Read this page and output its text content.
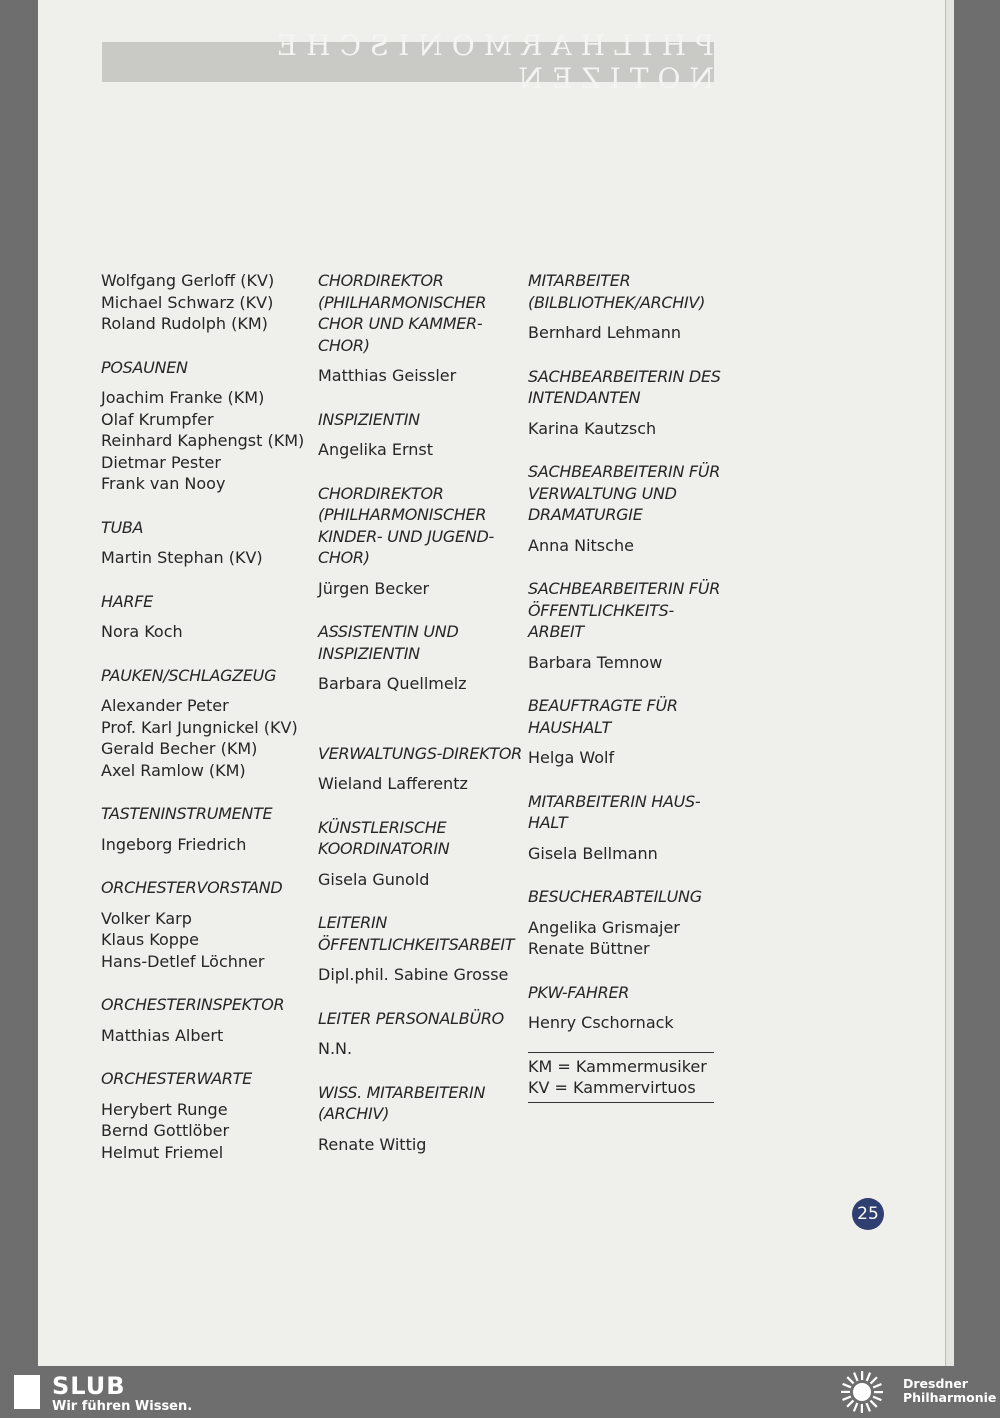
PHILHARMONISCHE NOTIZEN
Wolfgang Gerloff (KV)
Michael Schwarz (KV)
Roland Rudolph (KM)
POSAUNEN
Joachim Franke (KM)
Olaf Krumpfer
Reinhard Kaphengst (KM)
Dietmar Pester
Frank van Nooy
TUBA
Martin Stephan (KV)
HARFE
Nora Koch
PAUKEN/SCHLAGZEUG
Alexander Peter
Prof. Karl Jungnickel (KV)
Gerald Becher (KM)
Axel Ramlow (KM)
TASTENINSTRUMENTE
Ingeborg Friedrich
ORCHESTERVORSTAND
Volker Karp
Klaus Koppe
Hans-Detlef Löchner
ORCHESTERINSPEKTOR
Matthias Albert
ORCHESTERWARTE
Herybert Runge
Bernd Gottlöber
Helmut Friemel
CHORDIREKTOR (PHILHARMONISCHER CHOR UND KAMMER-CHOR)
Matthias Geissler
INSPIZIENTIN
Angelika Ernst
CHORDIREKTOR (PHILHARMONISCHER KINDER- UND JUGEND-CHOR)
Jürgen Becker
ASSISTENTIN UND INSPIZIENTIN
Barbara Quellmelz
VERWALTUNGS-DIREKTOR
Wieland Lafferentz
KÜNSTLERISCHE KOORDINATORIN
Gisela Gunold
LEITERIN ÖFFENTLICHKEITSARBEIT
Dipl.phil. Sabine Grosse
LEITER PERSONALBÜRO
N.N.
WISS. MITARBEITERIN (ARCHIV)
Renate Wittig
MITARBEITER (BILBLIOTHEK/ARCHIV)
Bernhard Lehmann
SACHBEARBEITERIN DES INTENDANTEN
Karina Kautzsch
SACHBEARBEITERIN FÜR VERWALTUNG UND DRAMATURGIE
Anna Nitsche
SACHBEARBEITERIN FÜR ÖFFENTLICHKEITS-ARBEIT
Barbara Temnow
BEAUFTRAGTE FÜR HAUSHALT
Helga Wolf
MITARBEITERIN HAUS-HALT
Gisela Bellmann
BESUCHERABTEILUNG
Angelika Grismajer
Renate Büttner
PKW-FAHRER
Henry Cschornack
KM = Kammermusiker
KV = Kammervirtuos
25
SLUB
Wir führen Wissen.
Dresdner
Philharmonie
